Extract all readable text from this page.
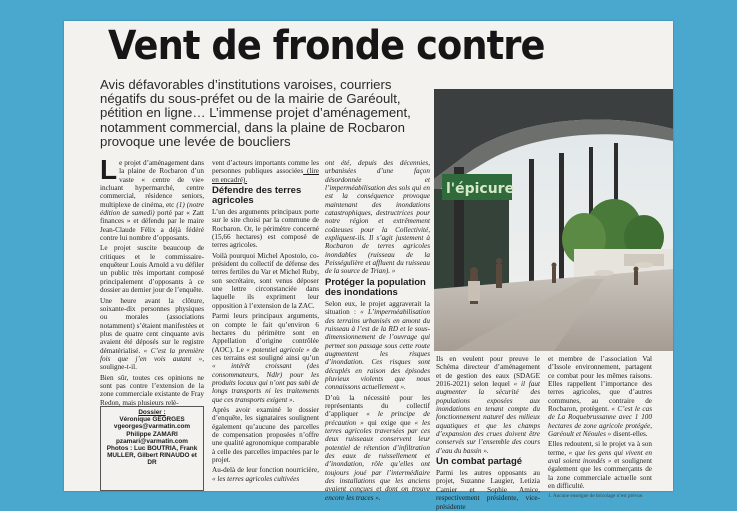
Vent de fronde contre
Avis défavorables d’institutions varoises, courriers négatifs du sous-préfet ou de la mairie de Garéoult, pétition en ligne… L’immense projet d’aménagement, notamment commercial, dans la plaine de Rocbaron provoque une levée de boucliers
l'épicure

Le projet d’aménagement dans la plaine de Rocbaron d’un vaste « centre de vie» incluant hypermarché, centre commercial, résidence seniors, multiplexe de cinéma, etc (1) (notre édition de samedi) porté par « Zatt finances » et défendu par le maire Jean-Claude Félix a déjà fédéré contre lui nombre d’opposants.

Le projet suscite beaucoup de critiques et le commissaire-enquêteur Louis Arnold a vu défiler un public très important composé principalement d’opposants à ce dossier au dernier jour de l’enquête.

Une heure avant la clôture, soixante-dix personnes physiques ou morales (associations notamment) s’étaient manifestées et plus de quatre cent cinquante avis avaient été déposés sur le registre dématérialisé. « C’est la première fois que j’en vois autant », souligne-t-il.

Bien sûr, toutes ces opinions ne sont pas contre l’extension de la zone commerciale existante de Fray Redon, mais plusieurs relè-

Dossier :
Véronique GEORGES
vgeorges@varmatin.com
Philippe ZAMARI
pzamari@varmatin.com
Photos : Luc BOUTRIA, Frank MULLER, Gilbert RINAUDO et DR

vent d’acteurs importants comme les personnes publiques associées (lire en encadré).

Défendre des terres agricoles

L’un des arguments principaux porte sur le site choisi par la commune de Rocbaron. Or, le périmètre concerné (15,66 hectares) est composé de terres agricoles.

Voilà pourquoi Michel Apostolo, co-président du collectif de défense des terres fertiles du Var et Michel Ruby, son secrétaire, sont venus déposer une lettre circonstanciée dans laquelle ils expriment leur opposition à l’extension de la ZAC.

Parmi leurs principaux arguments, on compte le fait qu’environ 6 hectares du périmètre sont en Appellation d’origine contrôlée (AOC). Le « potentiel agricole » de ces terrains est souligné ainsi qu’un « intérêt croissant (des consommateurs, Ndlr) pour les produits locaux qui n’ont pas subi de longs transports ni les traitements que ces transports exigent ».

Après avoir examiné le dossier d’enquête, les signataires soulignent également qu’aucune des parcelles de compensation proposées n’offre une qualité agronomique comparable à celle des parcelles impactées par le projet.

Au-delà de leur fonction nourricière, « les terres agricoles cultivées

ont été, depuis des décennies, urbanisées d’une façon désordonnée et l’imperméabilisation des sols qui en est la conséquence provoque maintenant des inondations catastrophiques, destructrices pour notre région et extrêmement coûteuses pour la Collectivité, expliquent-ils. Il s’agit justement à Rocbaron de terres agricoles inondables (ruisseau de la Peisségulière et affluent du ruisseau de la source de Trian). »

Protéger la population des inondations

Selon eux, le projet aggraverait la situation : « L’imperméabilisation des terrains urbanisés en amont du ruisseau à l’est de la RD et le sous-dimensionnement de l’ouvrage qui permet son passage sous cette route augmentent les risques d’inondation. Ces risques sont décuplés en raison des épisodes pluvieux violents que nous connaissons actuellement ».

D’où la nécessité pour les représentants du collectif d’appliquer « le principe de précaution » qui exige que « les terres agricoles traversées par ces deux ruisseaux conservent leur potentiel de rétention d’infiltration des eaux de ruissellement et d’inondation, rôle qu’elles ont toujours joué par l’intermédiaire des installations que les anciens avaient conçues et dont on trouve encore les traces ».

Ils en veulent pour preuve le Schéma directeur d’aménagement et de gestion des eaux (SDAGE 2016-2021) selon lequel « il faut augmenter la sécurité des populations exposées aux inondations en tenant compte du fonctionnement naturel des milieux aquatiques et que les champs d’expansion des crues doivent être conservés sur l’ensemble des cours d’eau du bassin ».

Un combat partagé

Parmi les autres opposants au projet, Suzanne Laugier, Letizia Camier et Sophie Amice, respectivement présidente, vice-présidente

et membre de l’association Val d’Issole environnement, partagent ce combat pour les mêmes raisons. Elles rappellent l’importance des terres agricoles, que d’autres communes, au contraire de Rocbaron, protègent. « C’est le cas de La Roquebrussanne avec 1 100 hectares de zone agricole protégée, Garéoult et Néoules » disent-elles.

Elles redoutent, si le projet va à son terme, « que les gens qui vivent en aval soient inondés » et soulignent également que les commerçants de la zone commerciale actuelle sont en difficulté.

1. Aucune enseigne de bricolage n’est prévue.
